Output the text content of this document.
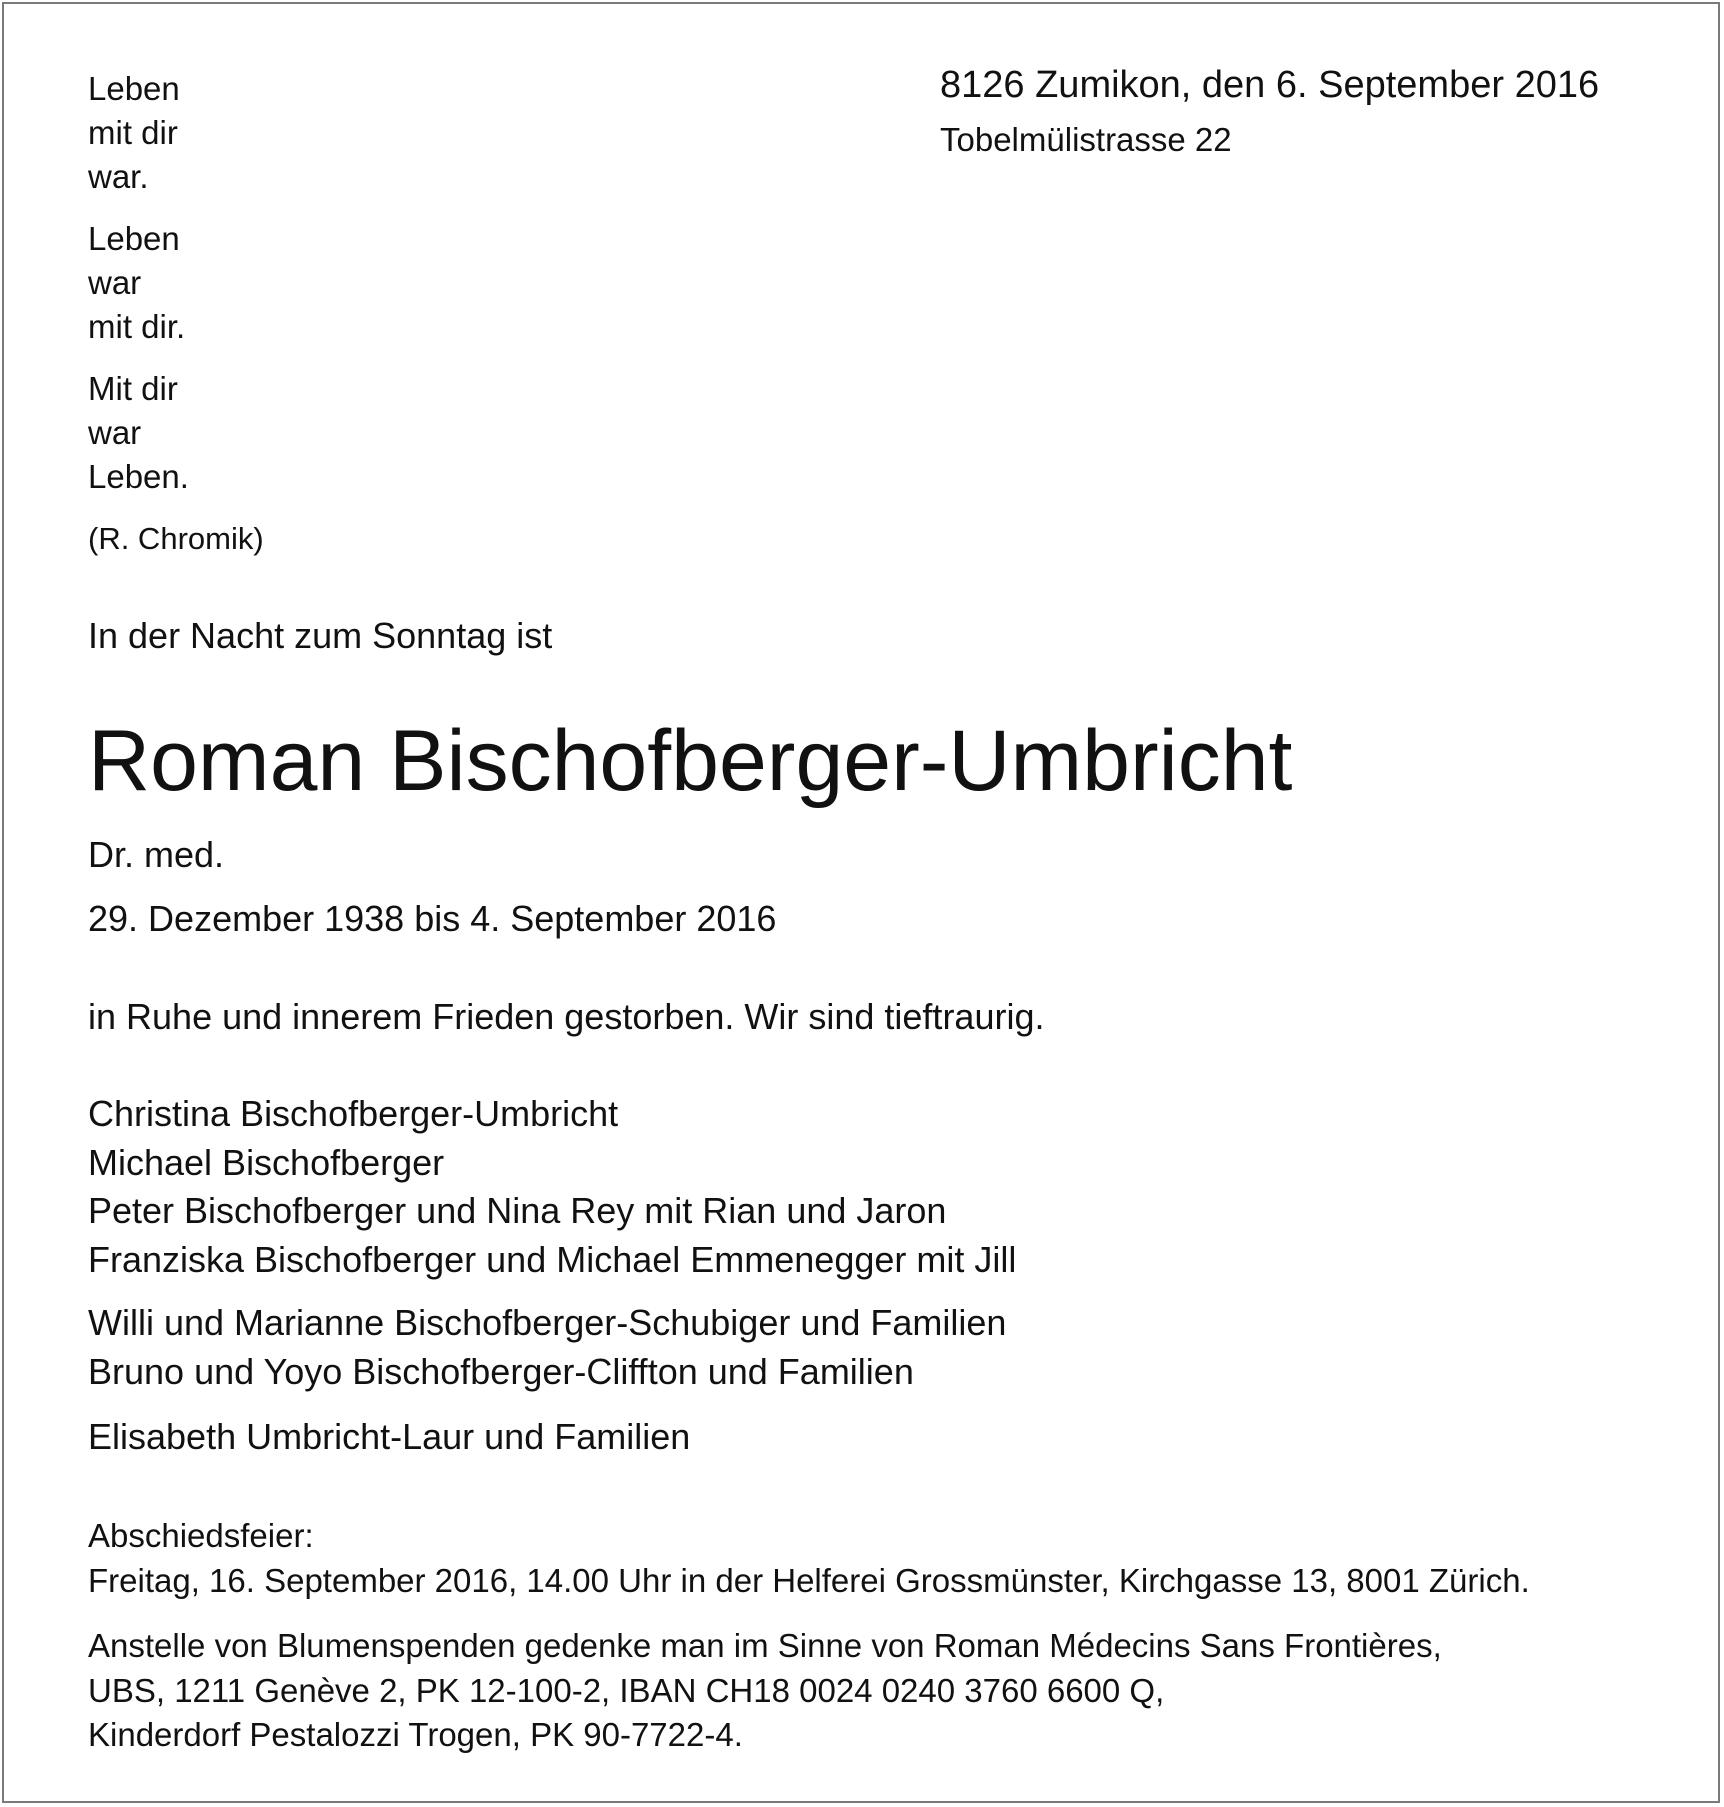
8126 Zumikon, den 6. September 2016
Tobelmülistrasse 22
Leben
mit dir
war.
Leben
war
mit dir.
Mit dir
war
Leben.
(R. Chromik)
In der Nacht zum Sonntag ist
Roman Bischofberger-Umbricht
Dr. med.
29. Dezember 1938 bis 4. September 2016
in Ruhe und innerem Frieden gestorben. Wir sind tieftraurig.
Christina Bischofberger-Umbricht
Michael Bischofberger
Peter Bischofberger und Nina Rey mit Rian und Jaron
Franziska Bischofberger und Michael Emmenegger mit Jill
Willi und Marianne Bischofberger-Schubiger und Familien
Bruno und Yoyo Bischofberger-Cliffton und Familien
Elisabeth Umbricht-Laur und Familien
Abschiedsfeier:
Freitag, 16. September 2016, 14.00 Uhr in der Helferei Grossmünster, Kirchgasse 13, 8001 Zürich.
Anstelle von Blumenspenden gedenke man im Sinne von Roman Médecins Sans Frontières,
UBS, 1211 Genève 2, PK 12-100-2, IBAN CH18 0024 0240 3760 6600 Q,
Kinderdorf Pestalozzi Trogen, PK 90-7722-4.
